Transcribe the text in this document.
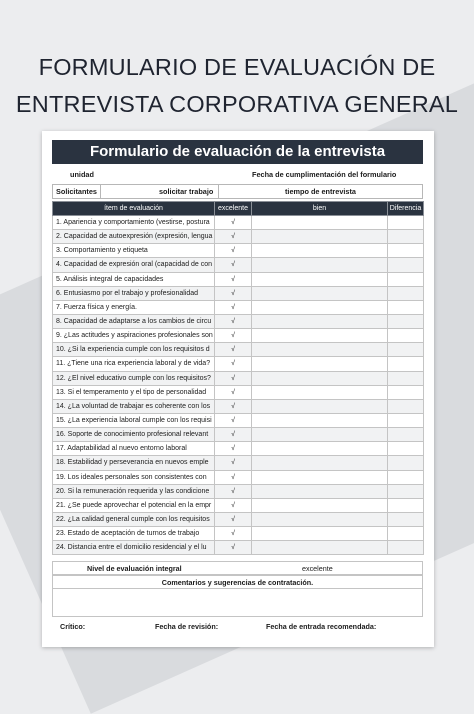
FORMULARIO DE EVALUACIÓN DE
ENTREVISTA CORPORATIVA GENERAL
Formulario de evaluación de la entrevista
unidad	Fecha de cumplimentación del formulario
Solicitantes	solicitar trabajo	tiempo de entrevista
ítem de evaluación	excelente	bien	Diferencia
1. Apariencia y comportamiento (vestirse, postura	√		
2. Capacidad de autoexpresión (expresión, lengua	√		
3. Comportamiento y etiqueta	√		
4. Capacidad de expresión oral (capacidad de con	√		
5. Análisis integral de capacidades	√		
6. Entusiasmo por el trabajo y profesionalidad	√		
7. Fuerza física y energía.	√		
8. Capacidad de adaptarse a los cambios de circu	√		
9. ¿Las actitudes y aspiraciones profesionales son	√		
10. ¿Si la experiencia cumple con los requisitos d	√		
11. ¿Tiene una rica experiencia laboral y de vida?	√		
12. ¿El nivel educativo cumple con los requisitos?	√		
13. Si el temperamento y el tipo de personalidad	√		
14. ¿La voluntad de trabajar es coherente con los	√		
15. ¿La experiencia laboral cumple con los requisi	√		
16. Soporte de conocimiento profesional relevant	√		
17. Adaptabilidad al nuevo entorno laboral	√		
18. Estabilidad y perseverancia en nuevos emple	√		
19. Los ideales personales son consistentes con	√		
20. Si la remuneración requerida y las condicione	√		
21. ¿Se puede aprovechar el potencial en la empr	√		
22. ¿La calidad general cumple con los requisitos	√		
23. Estado de aceptación de turnos de trabajo	√		
24. Distancia entre el domicilio residencial y el lu	√		
Nivel de evaluación integral	excelente
Comentarios y sugerencias de contratación.
Crítico:	Fecha de revisión:	Fecha de entrada recomendada:
